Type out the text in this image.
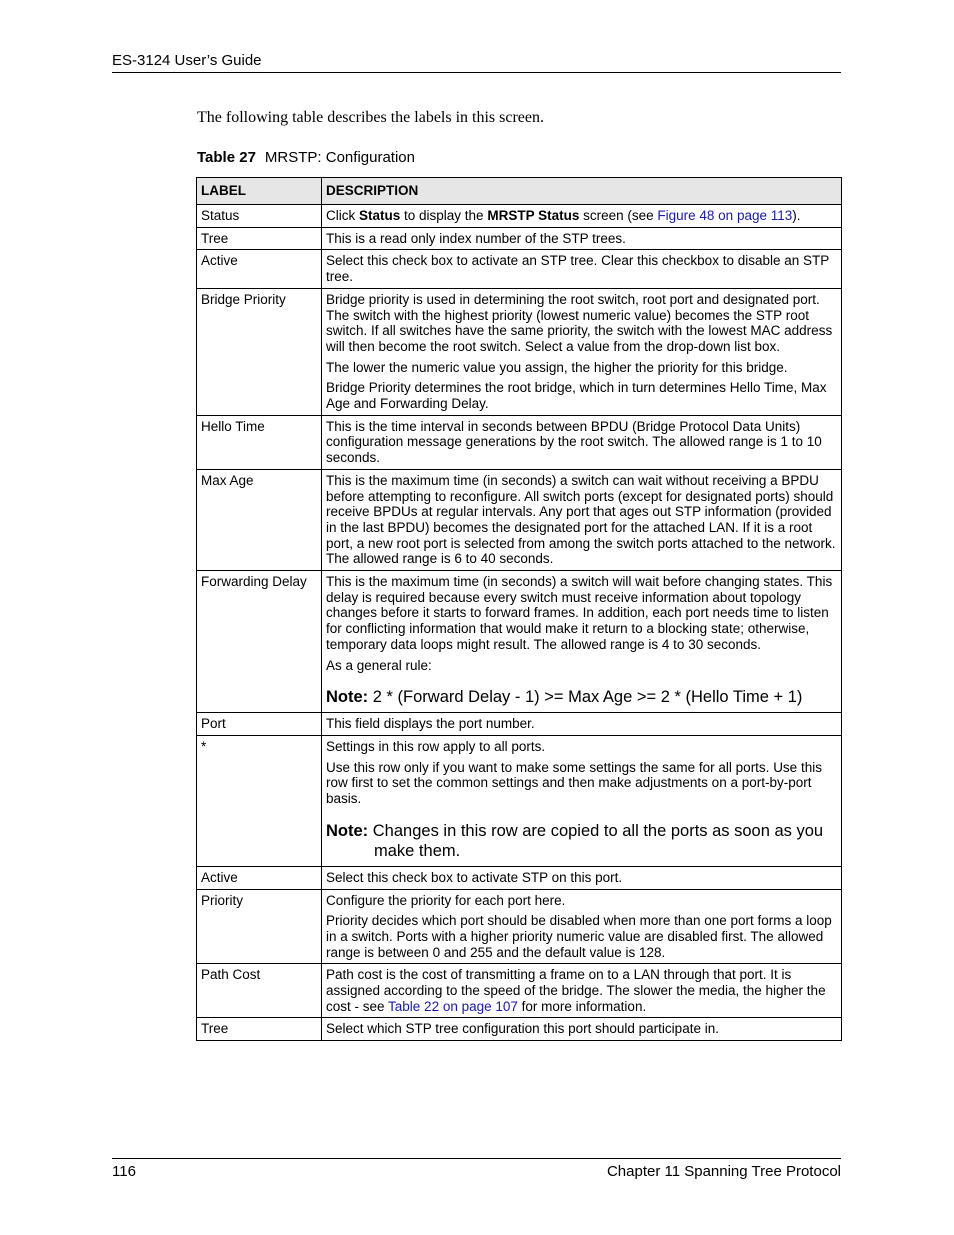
ES-3124 User’s Guide
The following table describes the labels in this screen.
Table 27 MRSTP: Configuration
LABEL	DESCRIPTION
Status	Click Status to display the MRSTP Status screen (see Figure 48 on page 113).

Tree	This is a read only index number of the STP trees.

Active	Select this check box to activate an STP tree. Clear this checkbox to disable an STP tree.

Bridge Priority	Bridge priority is used in determining the root switch, root port and designated port. The switch with the highest priority (lowest numeric value) becomes the STP root switch. If all switches have the same priority, the switch with the lowest MAC address will then become the root switch. Select a value from the drop-down list box.
The lower the numeric value you assign, the higher the priority for this bridge.
Bridge Priority determines the root bridge, which in turn determines Hello Time, Max Age and Forwarding Delay.

Hello Time	This is the time interval in seconds between BPDU (Bridge Protocol Data Units) configuration message generations by the root switch. The allowed range is 1 to 10 seconds.

Max Age	This is the maximum time (in seconds) a switch can wait without receiving a BPDU before attempting to reconfigure. All switch ports (except for designated ports) should receive BPDUs at regular intervals. Any port that ages out STP information (provided in the last BPDU) becomes the designated port for the attached LAN. If it is a root port, a new root port is selected from among the switch ports attached to the network. The allowed range is 6 to 40 seconds.

Forwarding Delay	This is the maximum time (in seconds) a switch will wait before changing states. This delay is required because every switch must receive information about topology changes before it starts to forward frames. In addition, each port needs time to listen for conflicting information that would make it return to a blocking state; otherwise, temporary data loops might result. The allowed range is 4 to 30 seconds.
As a general rule:
Note: 2 * (Forward Delay - 1) >= Max Age >= 2 * (Hello Time + 1)

Port	This field displays the port number.

*	Settings in this row apply to all ports.
Use this row only if you want to make some settings the same for all ports. Use this row first to set the common settings and then make adjustments on a port-by-port basis.
Note: Changes in this row are copied to all the ports as soon as you make them.

Active	Select this check box to activate STP on this port.

Priority	Configure the priority for each port here.
Priority decides which port should be disabled when more than one port forms a loop in a switch. Ports with a higher priority numeric value are disabled first. The allowed range is between 0 and 255 and the default value is 128.

Path Cost	Path cost is the cost of transmitting a frame on to a LAN through that port. It is assigned according to the speed of the bridge. The slower the media, the higher the cost - see Table 22 on page 107 for more information.

Tree	Select which STP tree configuration this port should participate in.
116	Chapter 11 Spanning Tree Protocol
